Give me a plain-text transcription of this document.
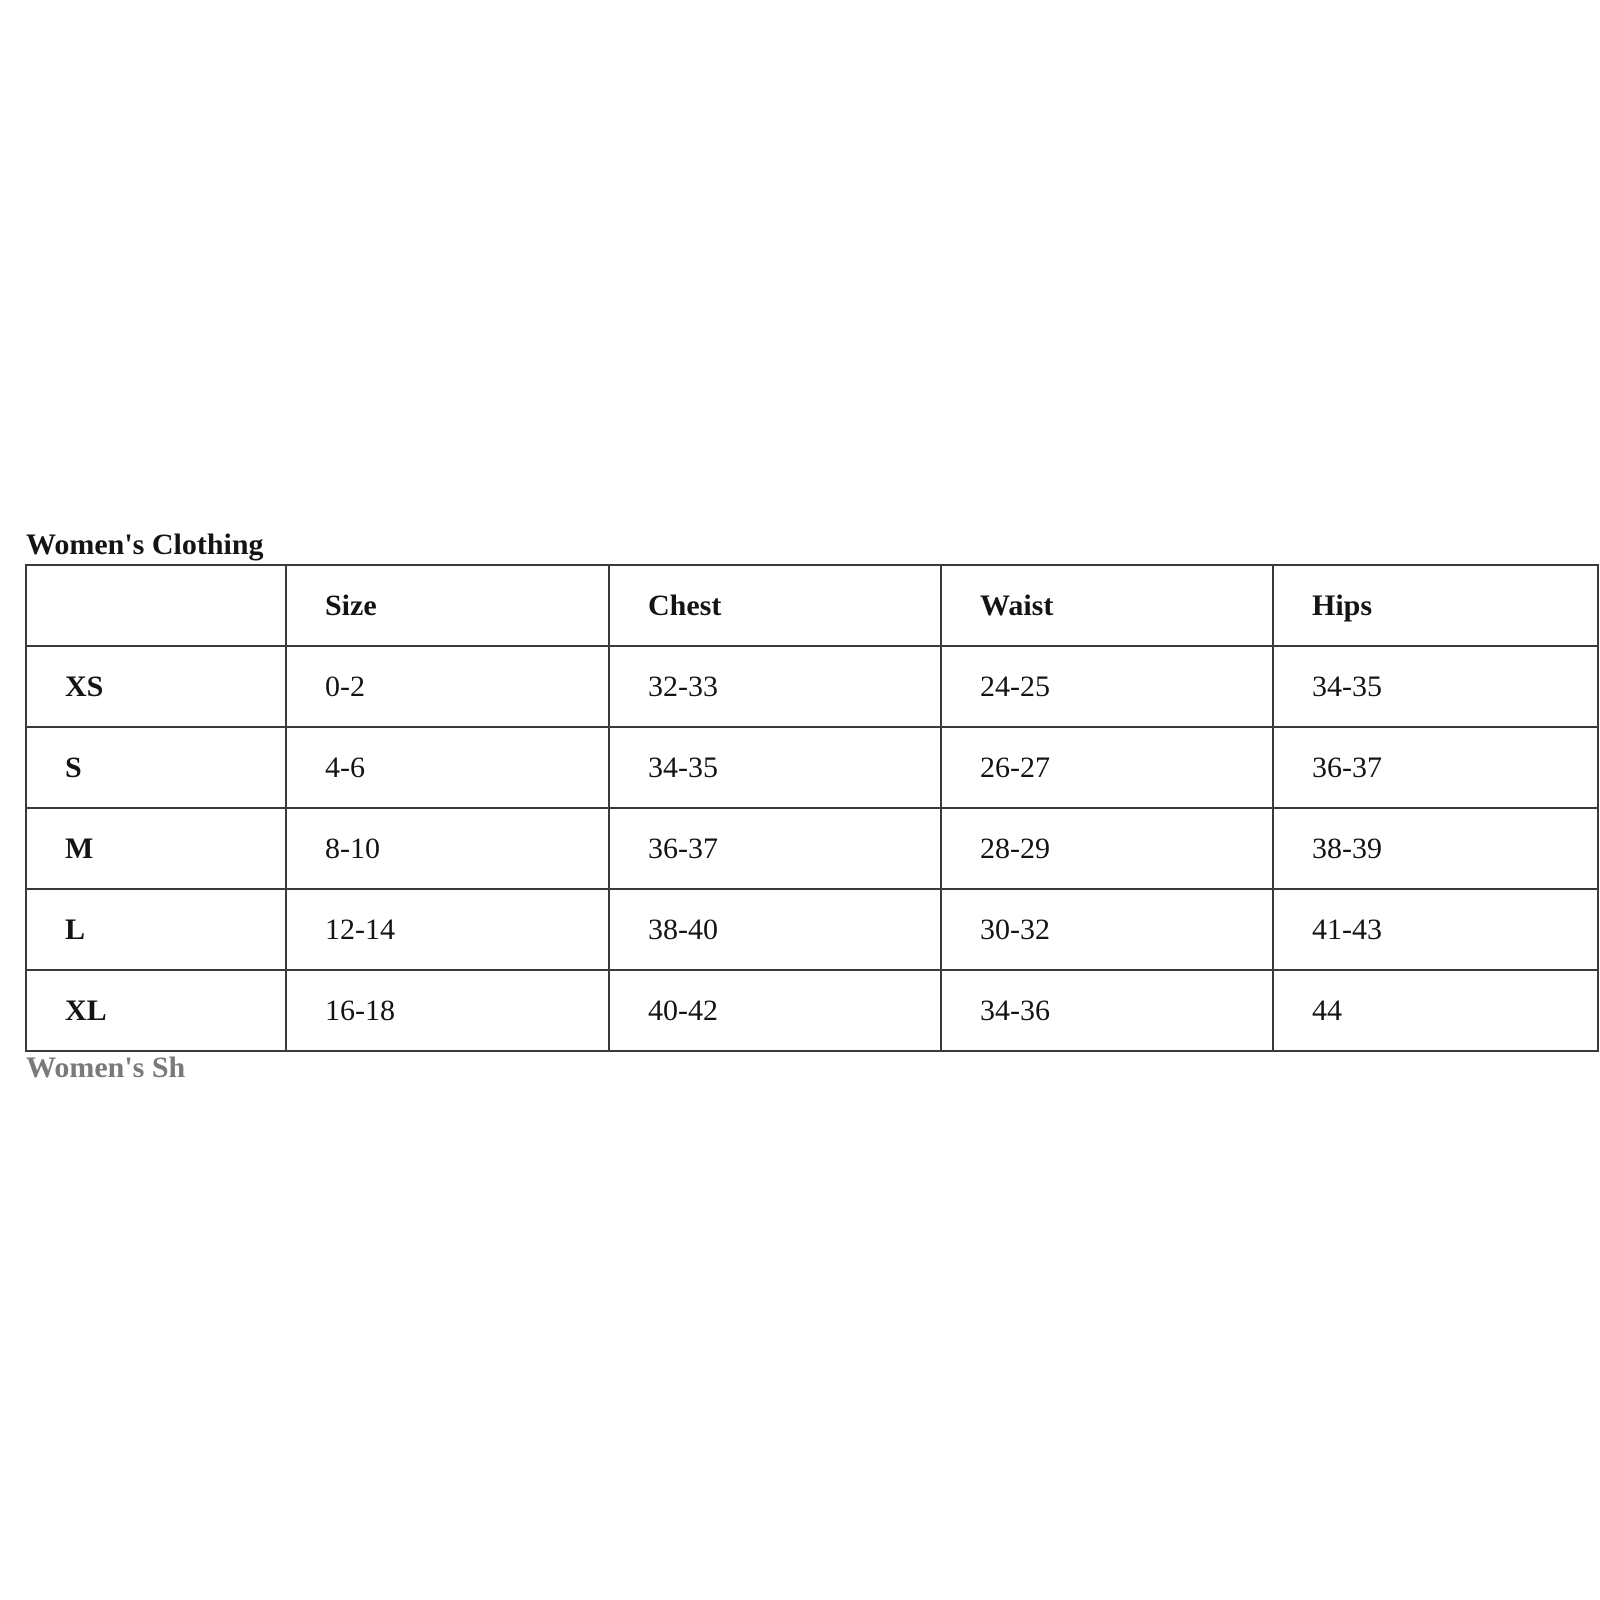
Women's Clothing
	Size	Chest	Waist	Hips
XS	0-2	32-33	24-25	34-35
S	4-6	34-35	26-27	36-37
M	8-10	36-37	28-29	38-39
L	12-14	38-40	30-32	41-43
XL	16-18	40-42	34-36	44
Women's Sh
